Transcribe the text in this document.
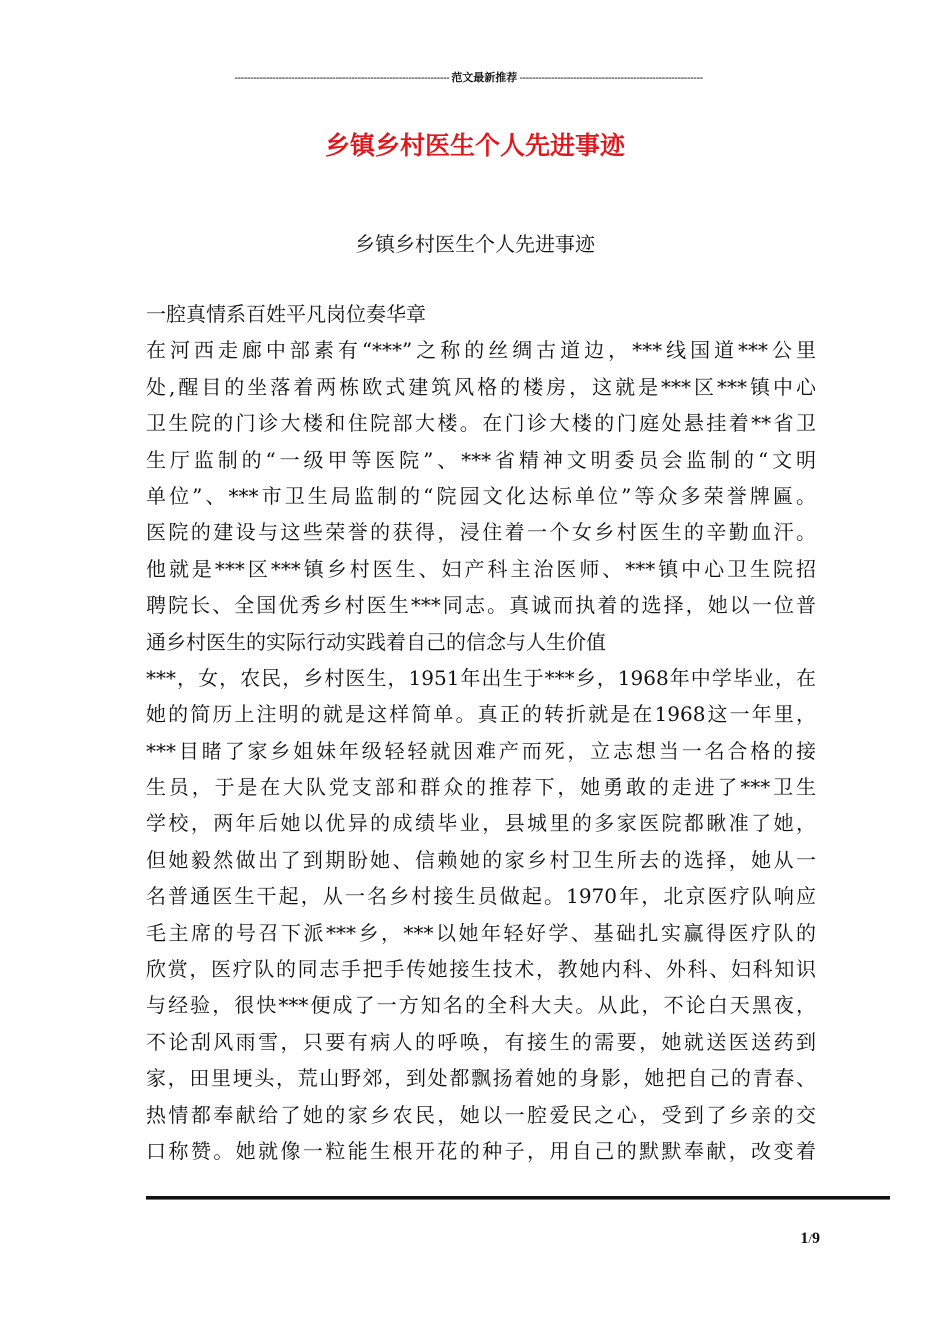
-------------------------------------------------------------------- 范文最新推荐 ----------------------------------------------------------
乡镇乡村医生个人先进事迹
乡镇乡村医生个人先进事迹
一腔真情系百姓平凡岗位奏华章
在河西走廊中部素有“***”之称的丝绸古道边，***线国道***公里
处,醒目的坐落着两栋欧式建筑风格的楼房，这就是***区***镇中心
卫生院的门诊大楼和住院部大楼。在门诊大楼的门庭处悬挂着**省卫
生厅监制的“一级甲等医院”、***省精神文明委员会监制的“文明
单位”、***市卫生局监制的“院园文化达标单位”等众多荣誉牌匾。
医院的建设与这些荣誉的获得，浸住着一个女乡村医生的辛勤血汗。
他就是***区***镇乡村医生、妇产科主治医师、***镇中心卫生院招
聘院长、全国优秀乡村医生***同志。真诚而执着的选择，她以一位普
通乡村医生的实际行动实践着自己的信念与人生价值
***，女，农民，乡村医生，1951年出生于***乡，1968年中学毕业，在
她的简历上注明的就是这样简单。真正的转折就是在1968这一年里，
***目睹了家乡姐妹年级轻轻就因难产而死，立志想当一名合格的接
生员，于是在大队党支部和群众的推荐下，她勇敢的走进了***卫生
学校，两年后她以优异的成绩毕业，县城里的多家医院都瞅准了她，
但她毅然做出了到期盼她、信赖她的家乡村卫生所去的选择，她从一
名普通医生干起，从一名乡村接生员做起。1970年，北京医疗队响应
毛主席的号召下派***乡，***以她年轻好学、基础扎实赢得医疗队的
欣赏，医疗队的同志手把手传她接生技术，教她内科、外科、妇科知识
与经验，很快***便成了一方知名的全科大夫。从此，不论白天黑夜，
不论刮风雨雪，只要有病人的呼唤，有接生的需要，她就送医送药到
家，田里埂头，荒山野郊，到处都飘扬着她的身影，她把自己的青春、
热情都奉献给了她的家乡农民，她以一腔爱民之心，受到了乡亲的交
口称赞。她就像一粒能生根开花的种子，用自己的默默奉献，改变着
1/9
